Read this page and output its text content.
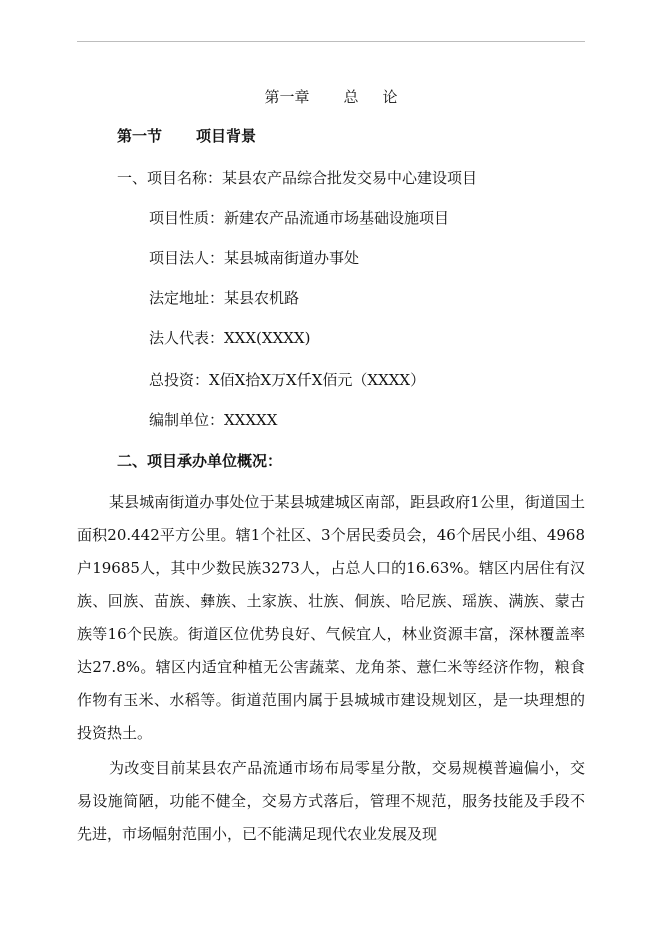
第一章 总 论
第一节 项目背景
一、项目名称：某县农产品综合批发交易中心建设项目
项目性质：新建农产品流通市场基础设施项目
项目法人：某县城南街道办事处
法定地址：某县农机路
法人代表：XXX(XXXX)
总投资：X佰X拾X万X仟X佰元（XXXX）
编制单位：XXXXX
二、项目承办单位概况：
某县城南街道办事处位于某县城建城区南部，距县政府1公里，街道国土面积20.442平方公里。辖1个社区、3个居民委员会，46个居民小组、4968户19685人，其中少数民族3273人，占总人口的16.63%。辖区内居住有汉族、回族、苗族、彝族、土家族、壮族、侗族、哈尼族、瑶族、满族、蒙古族等16个民族。街道区位优势良好、气候宜人，林业资源丰富，深林覆盖率达27.8%。辖区内适宜种植无公害蔬菜、龙角茶、薏仁米等经济作物，粮食作物有玉米、水稻等。街道范围内属于县城城市建设规划区，是一块理想的投资热土。
为改变目前某县农产品流通市场布局零星分散，交易规模普遍偏小，交易设施简陋，功能不健全，交易方式落后，管理不规范，服务技能及手段不先进，市场幅射范围小，已不能满足现代农业发展及现
